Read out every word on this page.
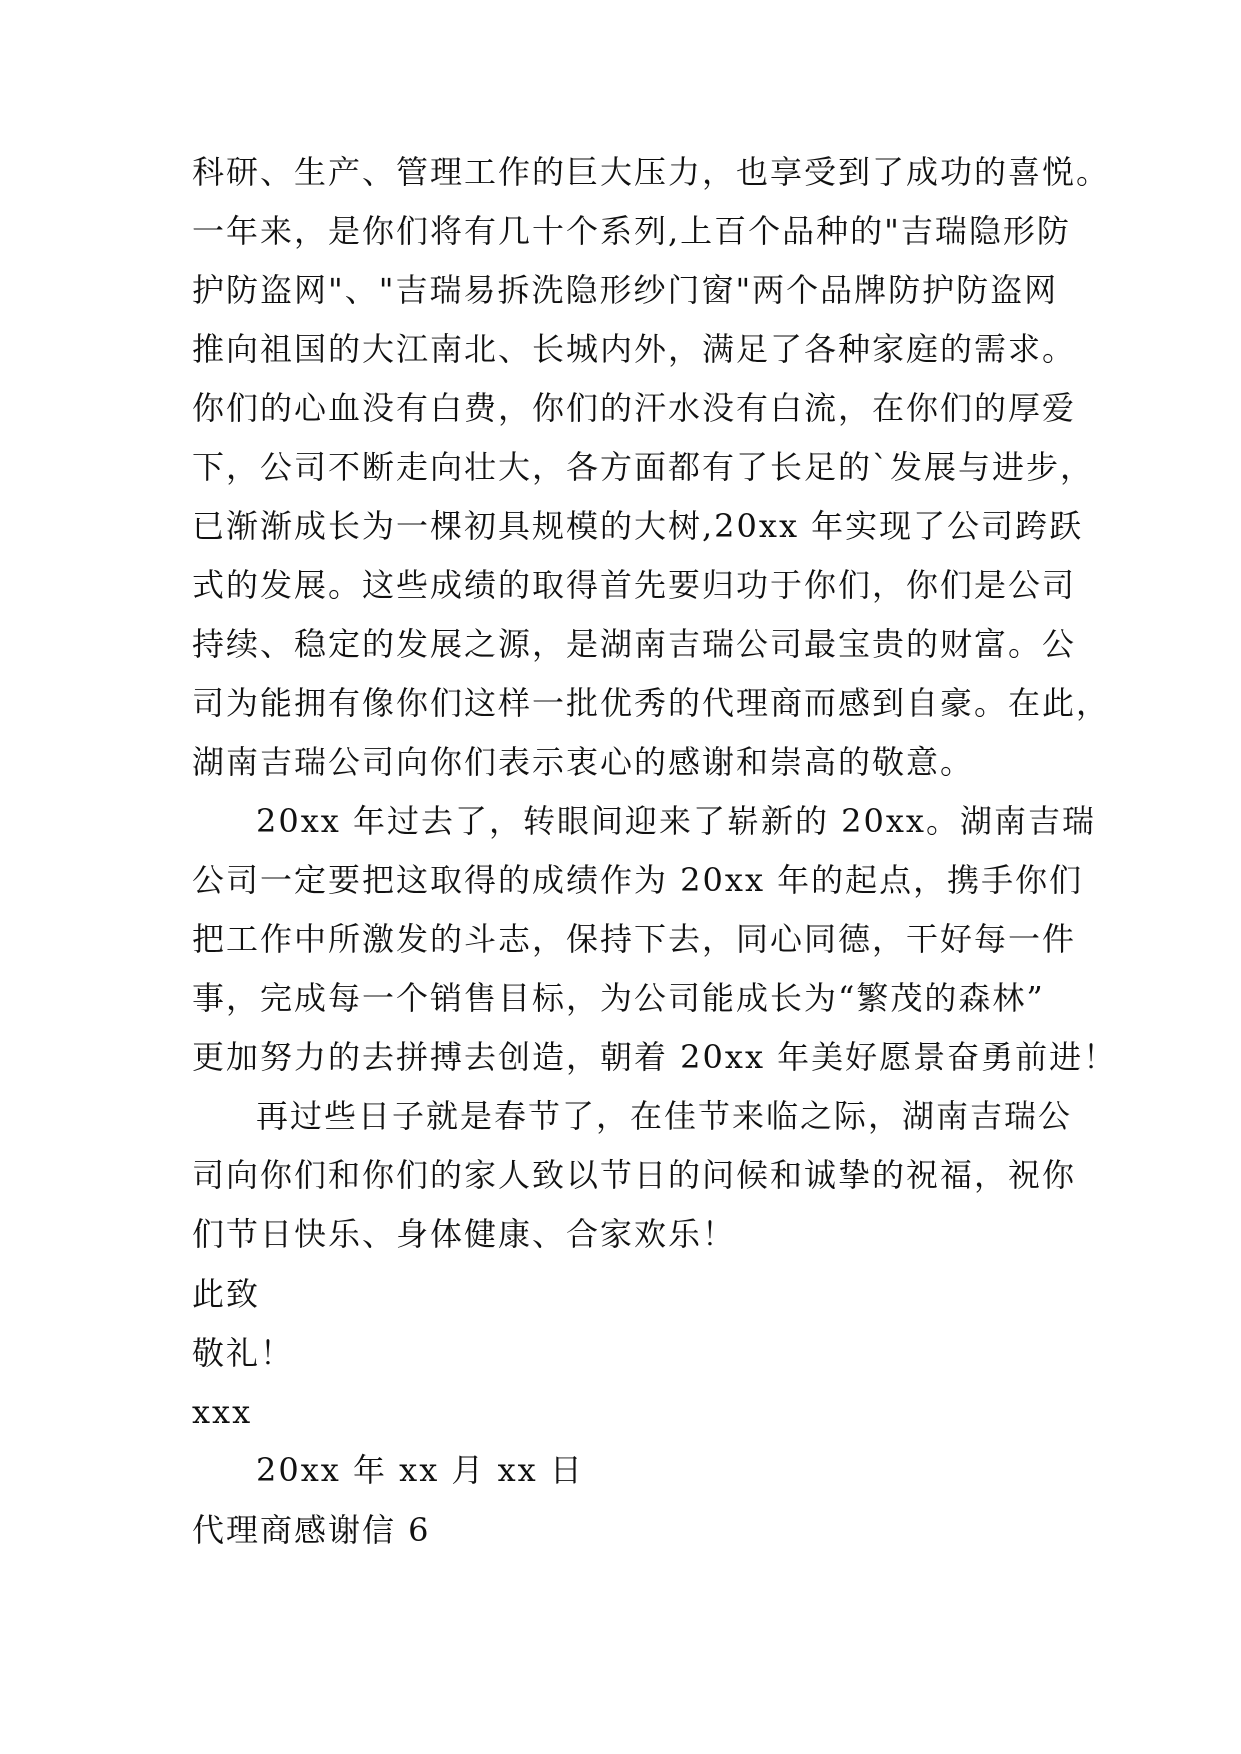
科研、生产、管理工作的巨大压力，也享受到了成功的喜悦。
一年来，是你们将有几十个系列,上百个品种的"吉瑞隐形防
护防盗网"、"吉瑞易拆洗隐形纱门窗"两个品牌防护防盗网
推向祖国的大江南北、长城内外，满足了各种家庭的需求。
你们的心血没有白费，你们的汗水没有白流，在你们的厚爱
下，公司不断走向壮大，各方面都有了长足的`发展与进步，
已渐渐成长为一棵初具规模的大树,20xx 年实现了公司跨跃
式的发展。这些成绩的取得首先要归功于你们，你们是公司
持续、稳定的发展之源，是湖南吉瑞公司最宝贵的财富。公
司为能拥有像你们这样一批优秀的代理商而感到自豪。在此，
湖南吉瑞公司向你们表示衷心的感谢和崇高的敬意。
20xx 年过去了，转眼间迎来了崭新的 20xx。湖南吉瑞
公司一定要把这取得的成绩作为 20xx 年的起点，携手你们
把工作中所激发的斗志，保持下去，同心同德，干好每一件
事，完成每一个销售目标，为公司能成长为“繁茂的森林”
更加努力的去拼搏去创造，朝着 20xx 年美好愿景奋勇前进！
再过些日子就是春节了，在佳节来临之际，湖南吉瑞公
司向你们和你们的家人致以节日的问候和诚挚的祝福，祝你
们节日快乐、身体健康、合家欢乐！
此致
敬礼！
xxx
20xx 年 xx 月 xx 日
代理商感谢信 6
